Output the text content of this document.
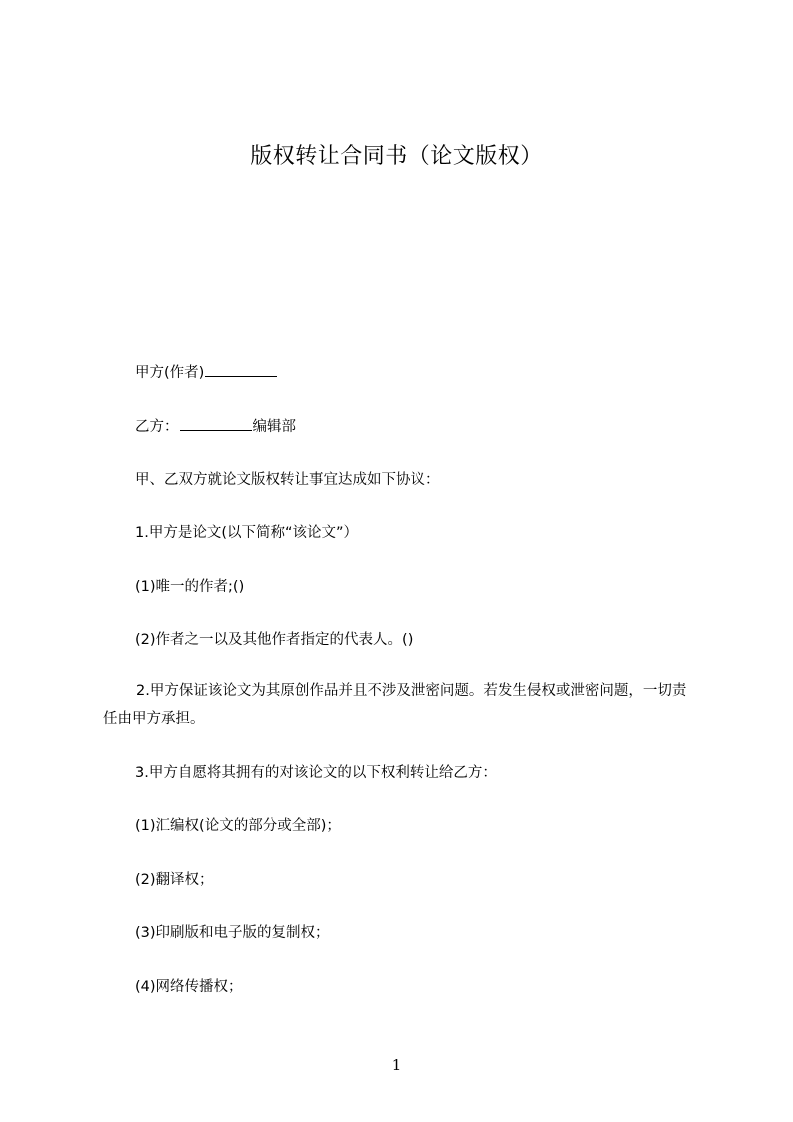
版权转让合同书（论文版权）
甲方(作者)
乙方：	编辑部
甲、乙双方就论文版权转让事宜达成如下协议：
1.甲方是论文(以下简称“该论文”）
(1)唯一的作者;()
(2)作者之一以及其他作者指定的代表人。()
2.甲方保证该论文为其原创作品并且不涉及泄密问题。若发生侵权或泄密问题，一切责任由甲方承担。
3.甲方自愿将其拥有的对该论文的以下权利转让给乙方：
(1)汇编权(论文的部分或全部)；
(2)翻译权；
(3)印刷版和电子版的复制权；
(4)网络传播权；
1
